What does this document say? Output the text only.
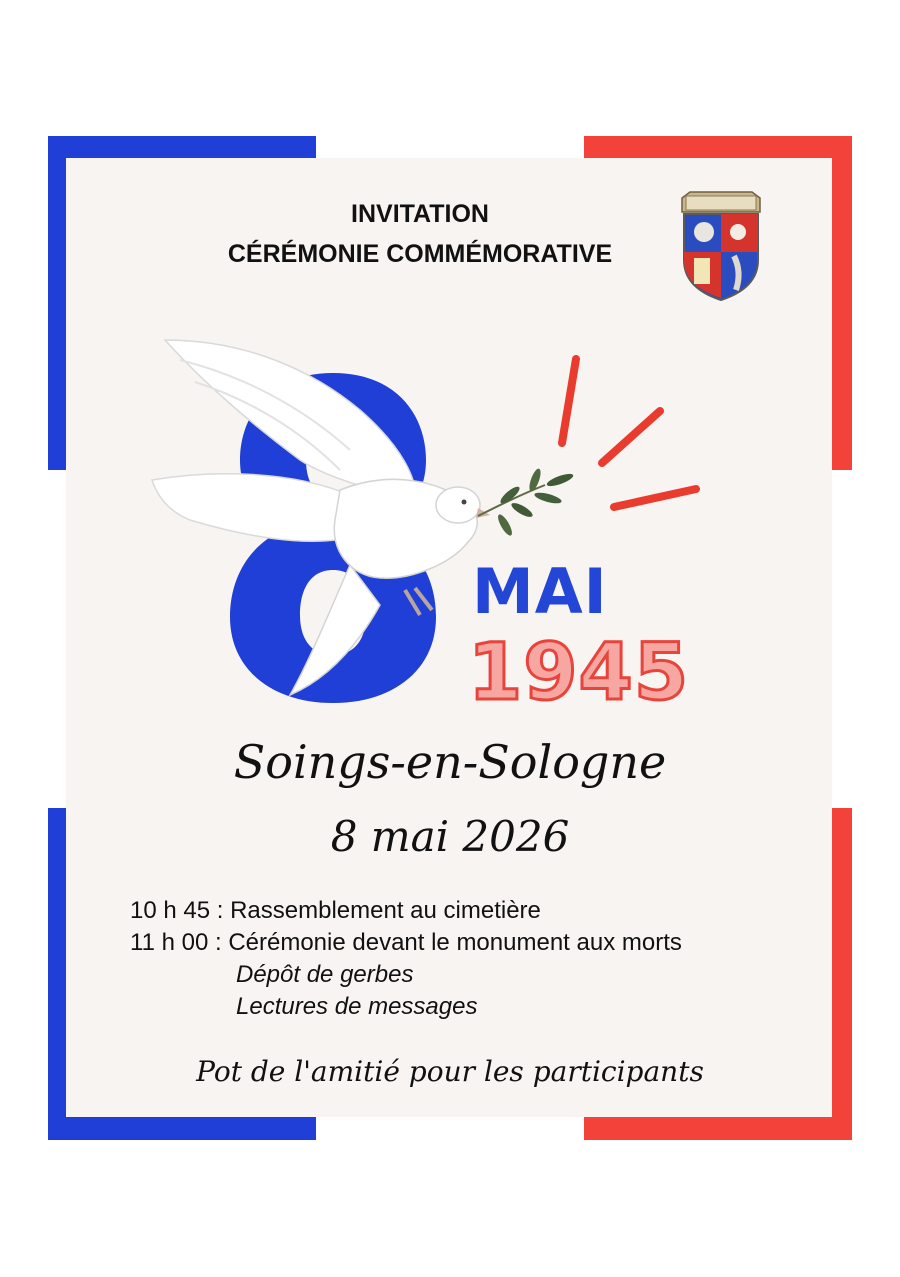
INVITATION
CÉRÉMONIE COMMÉMORATIVE
MAI
1945
Soings-en-Sologne
8 mai 2026
10 h 45 : Rassemblement au cimetière
11 h 00 : Cérémonie devant le monument aux morts
Dépôt de gerbes
Lectures de messages
Pot de l'amitié pour les participants
